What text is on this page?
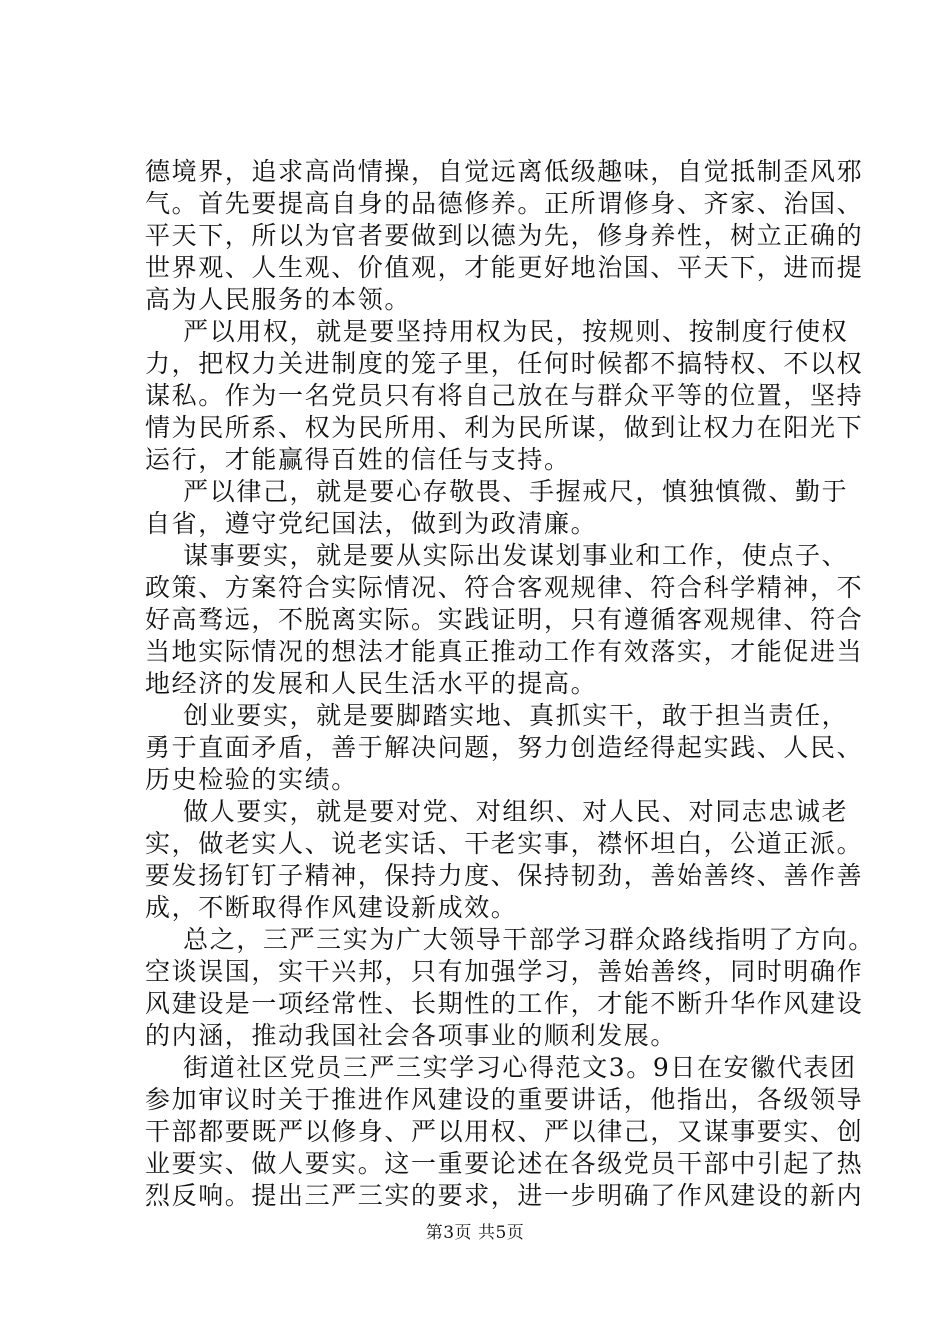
德境界，追求高尚情操，自觉远离低级趣味，自觉抵制歪风邪
气。首先要提高自身的品德修养。正所谓修身、齐家、治国、
平天下，所以为官者要做到以德为先，修身养性，树立正确的
世界观、人生观、价值观，才能更好地治国、平天下，进而提
高为人民服务的本领。
严以用权，就是要坚持用权为民，按规则、按制度行使权
力，把权力关进制度的笼子里，任何时候都不搞特权、不以权
谋私。作为一名党员只有将自己放在与群众平等的位置，坚持
情为民所系、权为民所用、利为民所谋，做到让权力在阳光下
运行，才能赢得百姓的信任与支持。
严以律己，就是要心存敬畏、手握戒尺，慎独慎微、勤于
自省，遵守党纪国法，做到为政清廉。
谋事要实，就是要从实际出发谋划事业和工作，使点子、
政策、方案符合实际情况、符合客观规律、符合科学精神，不
好高骛远，不脱离实际。实践证明，只有遵循客观规律、符合
当地实际情况的想法才能真正推动工作有效落实，才能促进当
地经济的发展和人民生活水平的提高。
创业要实，就是要脚踏实地、真抓实干，敢于担当责任，
勇于直面矛盾，善于解决问题，努力创造经得起实践、人民、
历史检验的实绩。
做人要实，就是要对党、对组织、对人民、对同志忠诚老
实，做老实人、说老实话、干老实事，襟怀坦白，公道正派。
要发扬钉钉子精神，保持力度、保持韧劲，善始善终、善作善
成，不断取得作风建设新成效。
总之，三严三实为广大领导干部学习群众路线指明了方向。
空谈误国，实干兴邦，只有加强学习，善始善终，同时明确作
风建设是一项经常性、长期性的工作，才能不断升华作风建设
的内涵，推动我国社会各项事业的顺利发展。
街道社区党员三严三实学习心得范文3。9日在安徽代表团
参加审议时关于推进作风建设的重要讲话，他指出，各级领导
干部都要既严以修身、严以用权、严以律己，又谋事要实、创
业要实、做人要实。这一重要论述在各级党员干部中引起了热
烈反响。提出三严三实的要求，进一步明确了作风建设的新内
第3页 共5页
